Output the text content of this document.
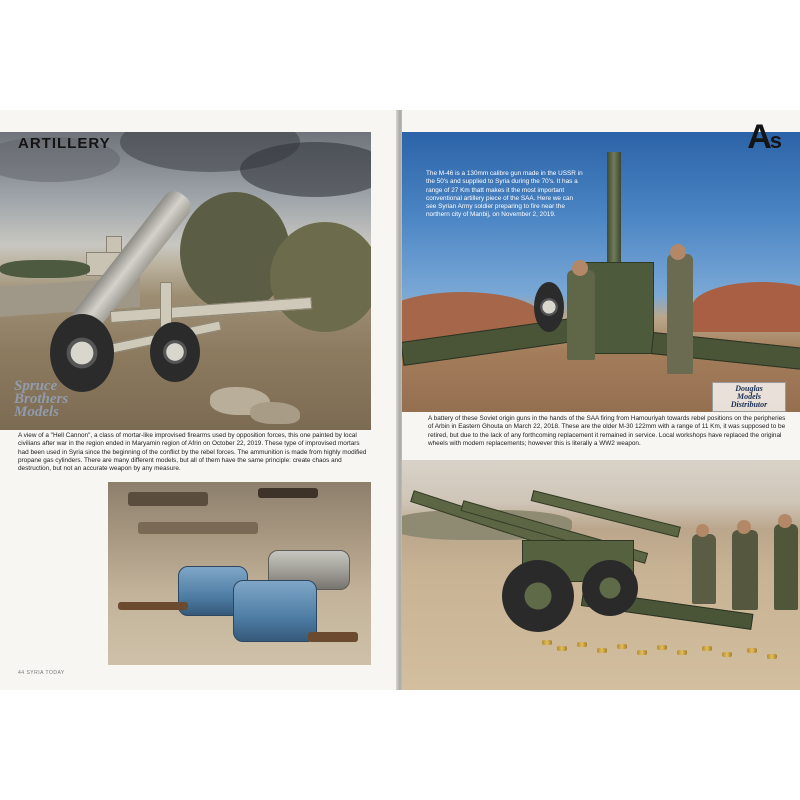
ARTILLERY
Spruce
Brothers
Models
A view of a "Hell Cannon", a class of mortar-like improvised firearms used by opposition forces, this one painted by local civilians after war in the region ended in Maryamin region of Afrin on October 22, 2019. These type of improvised mortars had been used in Syria since the beginning of the conflict by the rebel forces. The ammunition is made from highly modified propane gas cylinders. There are many different models, but all of them have the same principle: create chaos and destruction, but not an accurate weapon by any measure.
44 SYRIA TODAY
The M-46 is a 130mm calibre gun made in the USSR in the 50's and supplied to Syria during the 70's. It has a range of 27 Km thatt makes it the most important conventional artillery piece of the SAA. Here we can see Syrian Army soldier preparing to fire near the northern city of Manbij, on November 2, 2019.
As
Douglas
Models
Distributor
A battery of these Soviet origin guns in the hands of the SAA firing from Hamouriyah towards rebel positions on the peripheries of Arbin in Eastern Ghouta on March 22, 2018. These are the older M-30 122mm with a range of 11 Km, it was supposed to be retired, but due to the lack of any forthcoming replacement it remained in service. Local workshops have replaced the original wheels with modern replacements; however this is literally a WW2 weapon.
